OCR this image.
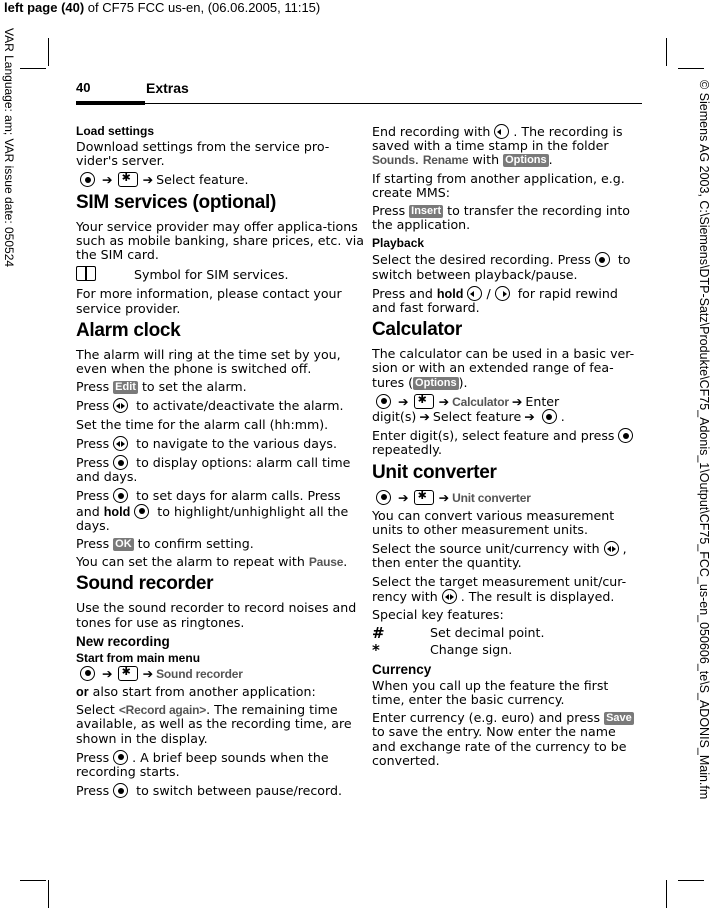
left page (40) of CF75 FCC us-en, (06.06.2005, 11:15)
VAR Language: am; VAR issue date: 050524	© Siemens AG 2003, C:\Siemens\DTP-Satz\Produkte\CF75_Adonis_1\Output\CF75_FCC_us-en_050606_te\S_ADONIS_Main.fm
40	Extras
Load settings

Download settings from the service pro-vider's server.

➔ ✱ ➔ Select feature.
SIM services (optional)

Your service provider may offer applica-tions such as mobile banking, share prices, etc. via the SIM card.

Symbol for SIM services.

For more information, please contact your service provider.

Alarm clock

The alarm will ring at the time set by you, even when the phone is switched off.

Press Edit to set the alarm.

Press
to activate/deactivate the alarm.

Set the time for the alarm call (hh:mm).

Press
to navigate to the various days.

Press to display options: alarm call time and days.

Press to set days for alarm calls. Press and hold to highlight/unhighlight all the days.

Press OK to confirm setting.

You can set the alarm to repeat with Pause.

Sound recorder

Use the sound recorder to record noises and tones for use as ringtones.

New recording
Start from main menu
➔ ✱ ➔ Sound recorder

or also start from another application:

Select <Record again>. The remaining time available, as well as the recording time, are shown in the display.

Press . A brief beep sounds when the recording starts.

Press to switch between pause/record.

End recording with . The recording is saved with a time stamp in the folder Sounds. Rename with Options .

If starting from another application, e.g. create MMS:

Press Insert to transfer the recording into the application.

Playback

Select the desired recording. Press to switch between playback/pause.

Press and hold /
for rapid rewind and fast forward.

Calculator

The calculator can be used in a basic ver-sion or with an extended range of fea-tures ( Options ).

➔ ✱ ➔ Calculator ➔ Enter digit(s) ➔ Select feature ➔ .

Enter digit(s), select feature and press repeatedly.

Unit converter
➔ ✱ ➔ Unit converter

You can convert various measurement units to other measurement units.

Select the source unit/currency with , then enter the quantity.

Select the target measurement unit/cur-rency with . The result is displayed.

Special key features:

#	Set decimal point.
*	Change sign.
Currency

When you call up the feature the first time, enter the basic currency.

Enter currency (e.g. euro) and press Save to save the entry. Now enter the name and exchange rate of the currency to be converted.
